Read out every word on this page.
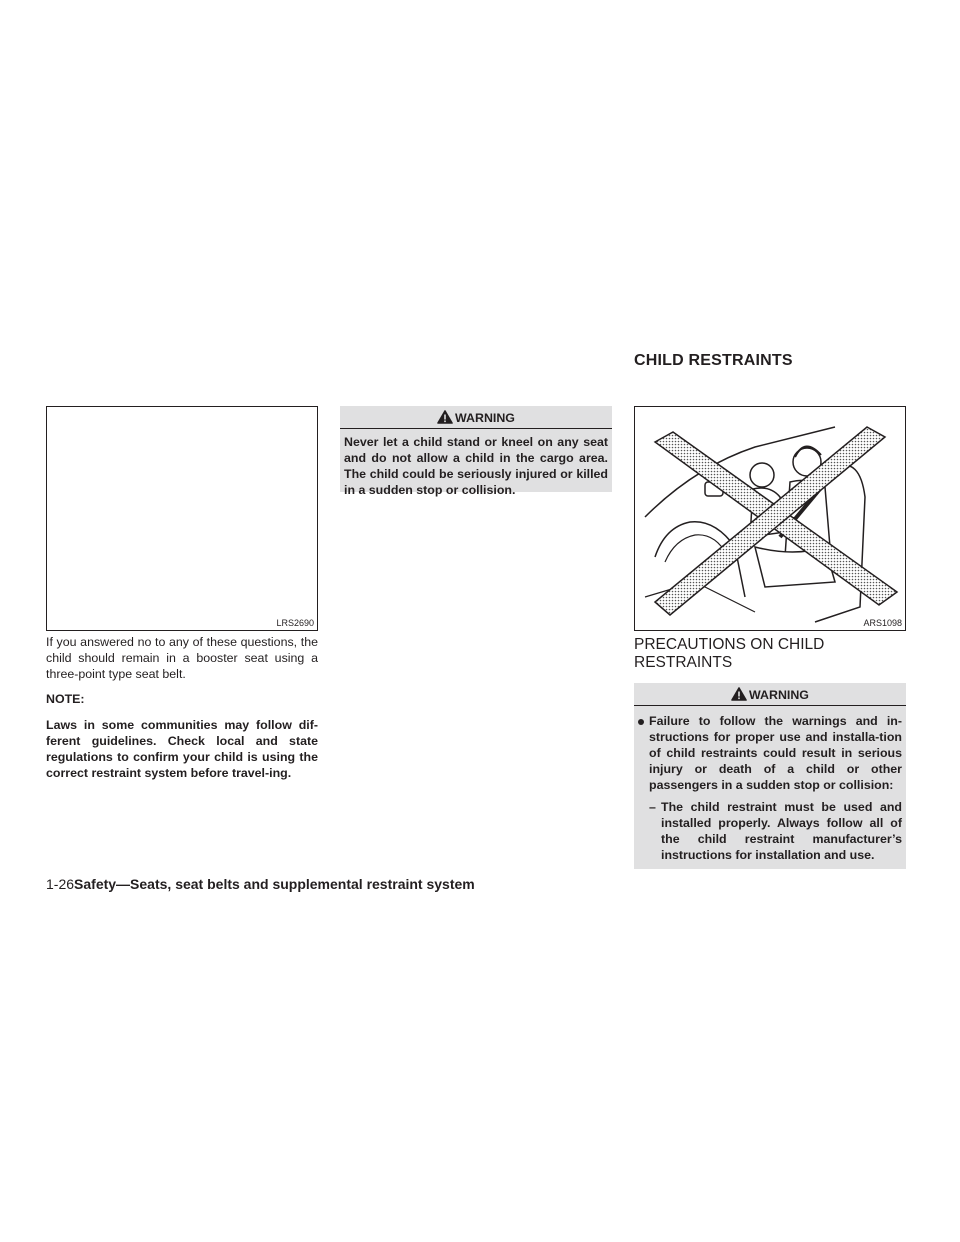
CHILD RESTRAINTS
LRS2690
If you answered no to any of these questions, the child should remain in a booster seat using a three-point type seat belt.
NOTE:
Laws in some communities may follow dif-ferent guidelines. Check local and state regulations to confirm your child is using the correct restraint system before travel-ing.
WARNING
Never let a child stand or kneel on any seat and do not allow a child in the cargo area. The child could be seriously injured or killed in a sudden stop or collision.
ARS1098
PRECAUTIONS ON CHILD RESTRAINTS
WARNING
Failure to follow the warnings and in-structions for proper use and installa-tion of child restraints could result in serious injury or death of a child or other passengers in a sudden stop or collision:
– The child restraint must be used and installed properly. Always follow all of the child restraint manufacturer’s instructions for installation and use.
1-26Safety—Seats, seat belts and supplemental restraint system
